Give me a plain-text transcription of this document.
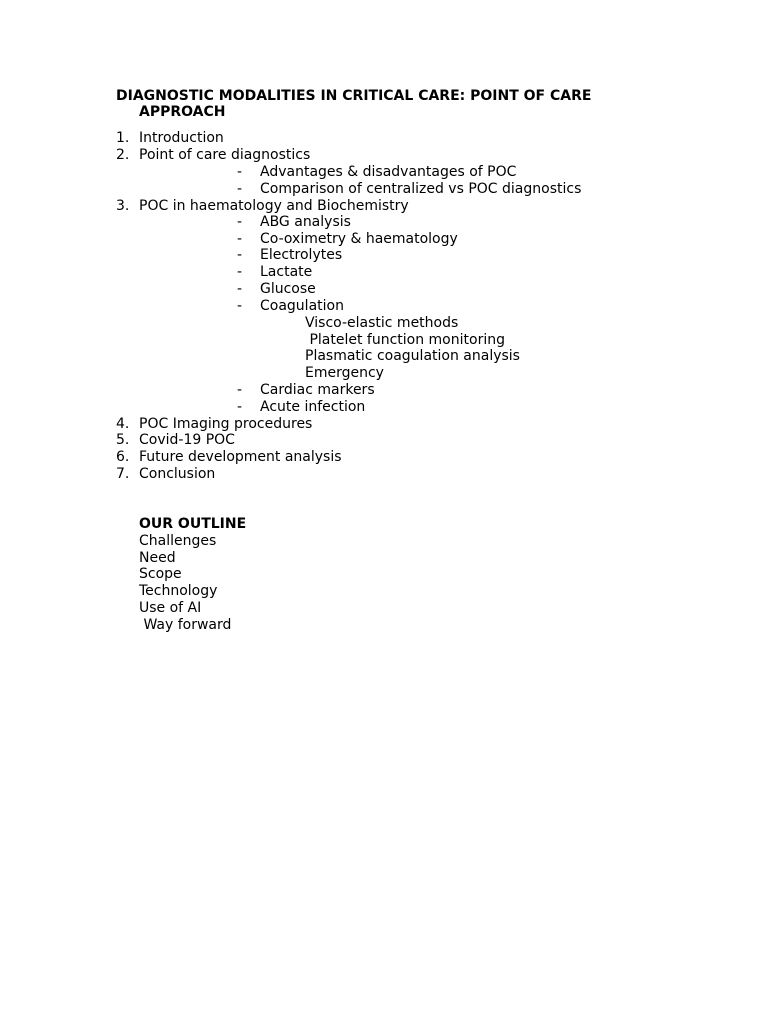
DIAGNOSTIC MODALITIES IN CRITICAL CARE: POINT OF CARE
APPROACH
1. Introduction
2. Point of care diagnostics
- Advantages & disadvantages of POC
- Comparison of centralized vs POC diagnostics
3. POC in haematology and Biochemistry
- ABG analysis
- Co-oximetry & haematology
- Electrolytes
- Lactate
- Glucose
- Coagulation
Visco-elastic methods
Platelet function monitoring
Plasmatic coagulation analysis
Emergency
- Cardiac markers
- Acute infection
4. POC Imaging procedures
5. Covid-19 POC
6. Future development analysis
7. Conclusion
OUR OUTLINE
Challenges
Need
Scope
Technology
Use of AI
Way forward
